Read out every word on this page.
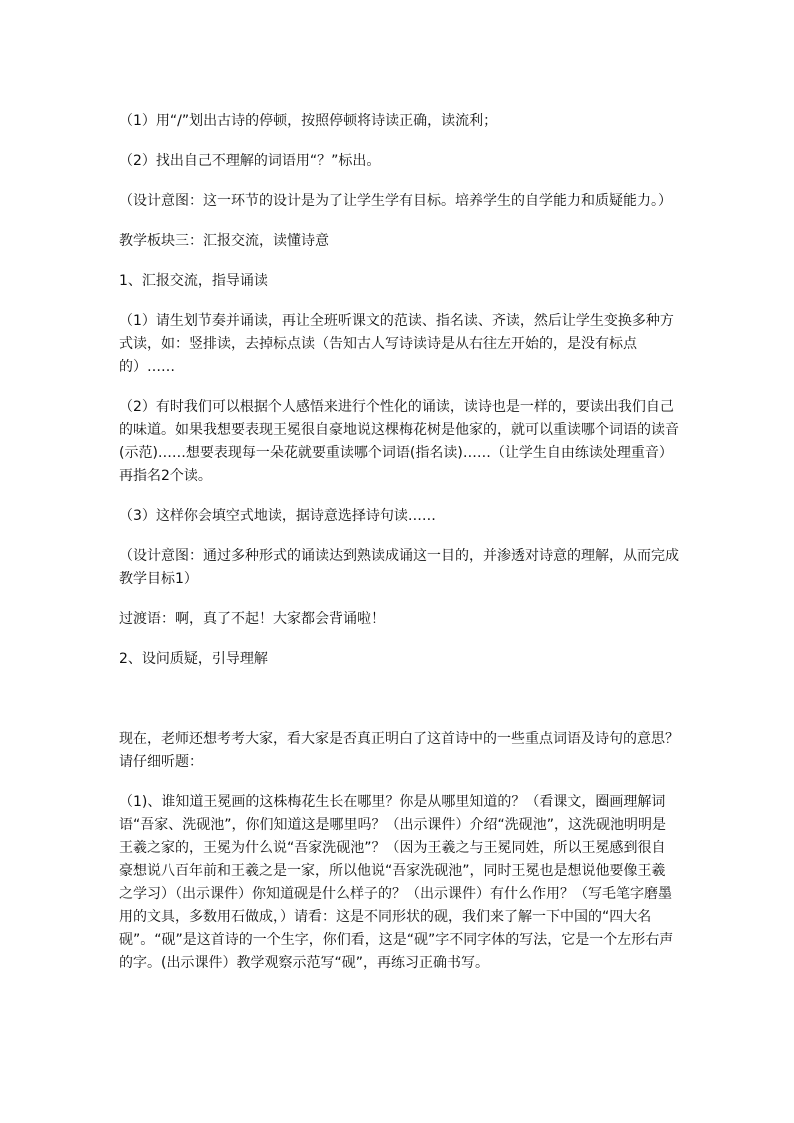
（1）用“/”划出古诗的停顿，按照停顿将诗读正确，读流利；

（2）找出自己不理解的词语用“？”标出。

（设计意图：这一环节的设计是为了让学生学有目标。培养学生的自学能力和质疑能力。）

教学板块三：汇报交流，读懂诗意

1、汇报交流，指导诵读

（1）请生划节奏并诵读，再让全班听课文的范读、指名读、齐读，然后让学生变换多种方式读，如：竖排读，去掉标点读（告知古人写诗读诗是从右往左开始的，是没有标点的）……

（2）有时我们可以根据个人感悟来进行个性化的诵读，读诗也是一样的，要读出我们自己的味道。如果我想要表现王冕很自豪地说这棵梅花树是他家的，就可以重读哪个词语的读音(示范)……想要表现每一朵花就要重读哪个词语(指名读)……（让学生自由练读处理重音）再指名2个读。

（3）这样你会填空式地读，据诗意选择诗句读……

（设计意图：通过多种形式的诵读达到熟读成诵这一目的，并渗透对诗意的理解，从而完成教学目标1）

过渡语：啊，真了不起！大家都会背诵啦！

2、设问质疑，引导理解

现在，老师还想考考大家，看大家是否真正明白了这首诗中的一些重点词语及诗句的意思？请仔细听题：

（1)、谁知道王冕画的这株梅花生长在哪里？你是从哪里知道的？（看课文，圈画理解词语“吾家、洗砚池”，你们知道这是哪里吗？（出示课件）介绍“洗砚池”，这洗砚池明明是王羲之家的，王冕为什么说“吾家洗砚池”？（因为王羲之与王冕同姓，所以王冕感到很自豪想说八百年前和王羲之是一家，所以他说“吾家洗砚池”，同时王冕也是想说他要像王羲之学习）（出示课件）你知道砚是什么样子的？（出示课件）有什么作用？（写毛笔字磨墨用的文具，多数用石做成，）请看：这是不同形状的砚，我们来了解一下中国的“四大名砚”。“砚”是这首诗的一个生字，你们看，这是“砚”字不同字体的写法，它是一个左形右声的字。(出示课件）教学观察示范写“砚”，再练习正确书写。
